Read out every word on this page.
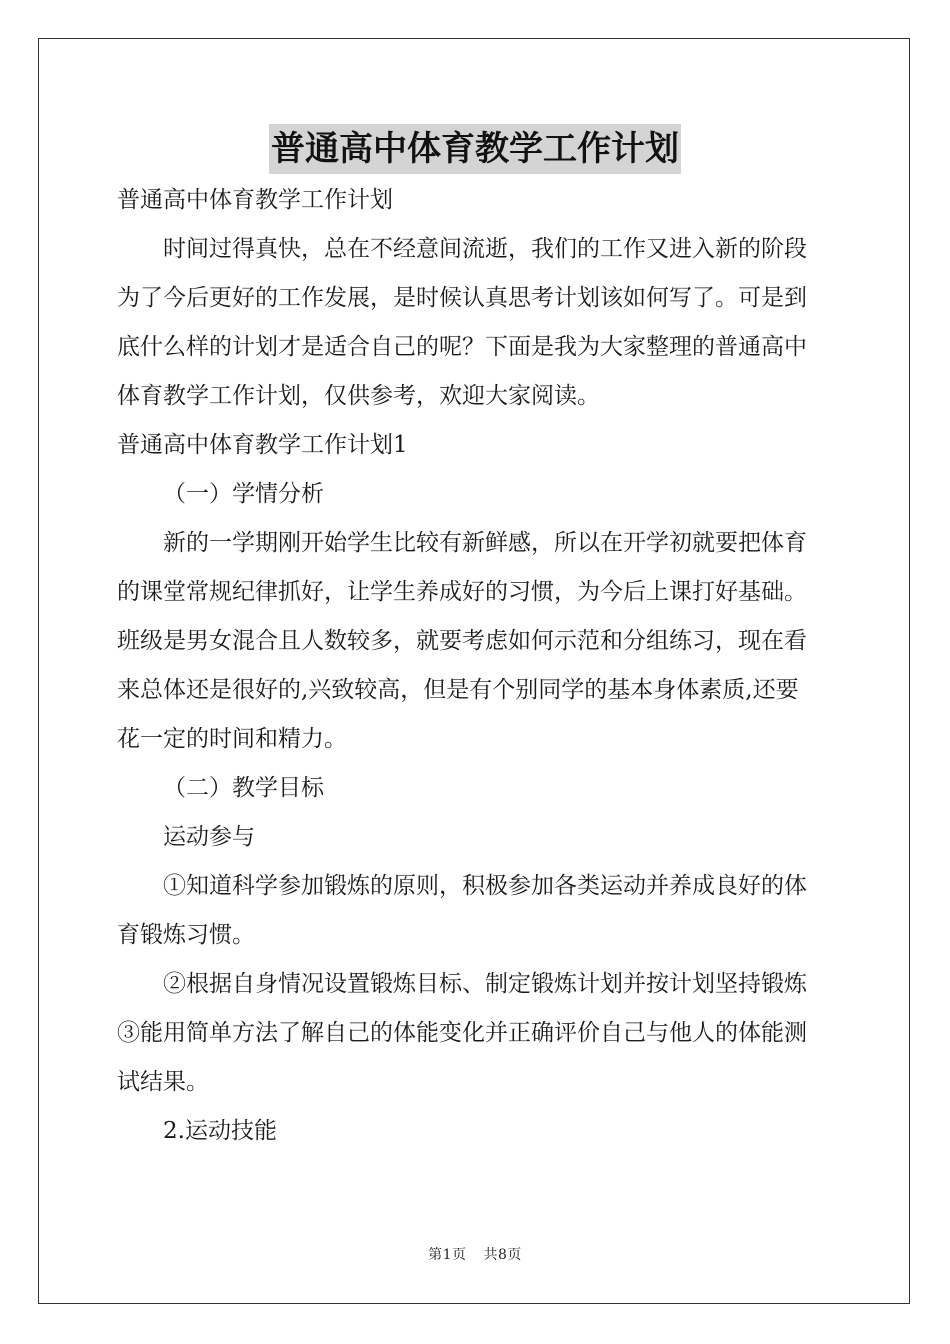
普通高中体育教学工作计划

普通高中体育教学工作计划

时间过得真快，总在不经意间流逝，我们的工作又进入新的阶段

为了今后更好的工作发展，是时候认真思考计划该如何写了。可是到

底什么样的计划才是适合自己的呢？下面是我为大家整理的普通高中

体育教学工作计划，仅供参考，欢迎大家阅读。

普通高中体育教学工作计划1

（一）学情分析

新的一学期刚开始学生比较有新鲜感，所以在开学初就要把体育

的课堂常规纪律抓好，让学生养成好的习惯，为今后上课打好基础。

班级是男女混合且人数较多，就要考虑如何示范和分组练习，现在看

来总体还是很好的,兴致较高，但是有个别同学的基本身体素质,还要

花一定的时间和精力。

（二）教学目标

运动参与

①知道科学参加锻炼的原则，积极参加各类运动并养成良好的体

育锻炼习惯。

②根据自身情况设置锻炼目标、制定锻炼计划并按计划坚持锻炼

③能用简单方法了解自己的体能变化并正确评价自己与他人的体能测

试结果。

2.运动技能

第1页 共8页
